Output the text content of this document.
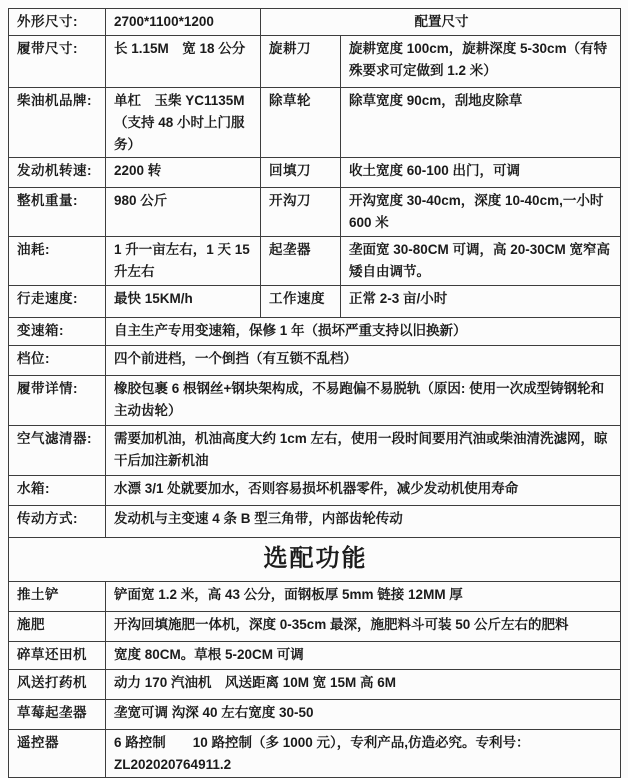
外形尺寸:	2700*1100*1200	配置尺寸	
履带尺寸:	长 1.15M　宽 18 公分	旋耕刀	旋耕宽度 100cm，旋耕深度 5-30cm（有特殊要求可定做到 1.2 米）
柴油机品牌:	单杠　玉柴 YC1135M （支持 48 小时上门服务）	除草轮	除草宽度 90cm，刮地皮除草
发动机转速:	2200 转	回填刀	收土宽度 60-100 出门，可调
整机重量:	980 公斤	开沟刀	开沟宽度 30-40cm，深度 10-40cm,一小时 600 米
油耗:	1 升一亩左右，1 天 15 升左右	起垄器	垄面宽 30-80CM 可调，高 20-30CM 宽窄高矮自由调节。
行走速度:	最快 15KM/h	工作速度	正常 2-3 亩/小时
变速箱:	自主生产专用变速箱，保修 1 年（损坏严重支持以旧换新）		
档位:	四个前进档，一个倒挡（有互锁不乱档）		
履带详情:	橡胶包裹 6 根钢丝+钢块架构成，不易跑偏不易脱轨（原因: 使用一次成型铸钢轮和主动齿轮）		
空气滤清器:	需要加机油，机油高度大约 1cm 左右，使用一段时间要用汽油或柴油清洗滤网，晾干后加注新机油		
水箱:	水漂 3/1 处就要加水，否则容易损坏机器零件，减少发动机使用寿命		
传动方式:	发动机与主变速 4 条 B 型三角带，内部齿轮传动		
选配功能			
推土铲	铲面宽 1.2 米，高 43 公分，面钢板厚 5mm 链接 12MM 厚		
施肥	开沟回填施肥一体机，深度 0-35cm 最深，施肥料斗可装 50 公斤左右的肥料		
碎草还田机	宽度 80CM。草根 5-20CM 可调		
风送打药机	动力 170 汽油机　风送距离 10M 宽 15M 高 6M		
草莓起垄器	垄宽可调 沟深 40 左右宽度 30-50		
遥控器	6 路控制　　10 路控制（多 1000 元），专利产品,仿造必究。专利号：ZL202020764911.2		
